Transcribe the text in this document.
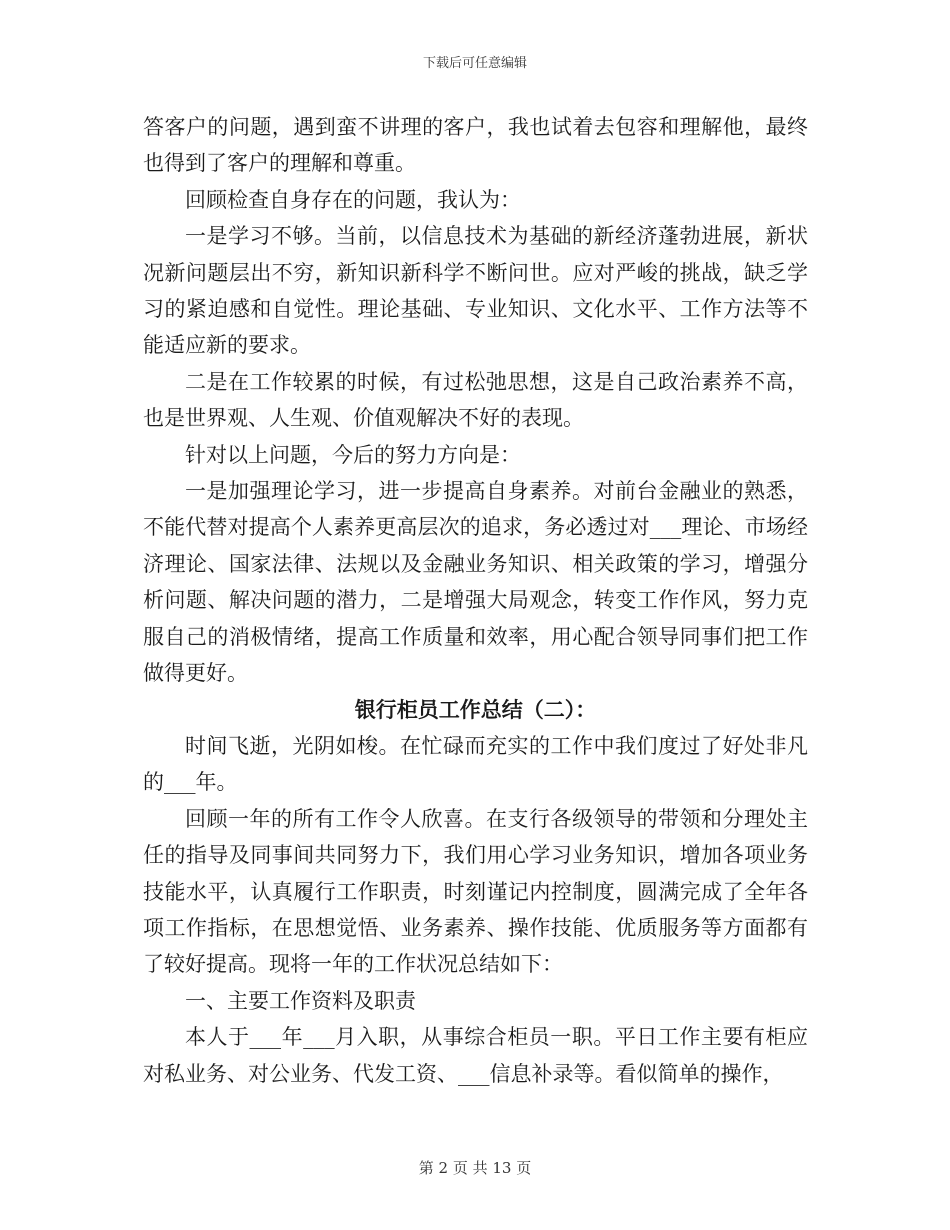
下载后可任意编辑

答客户的问题，遇到蛮不讲理的客户，我也试着去包容和理解他，最终也得到了客户的理解和尊重。

回顾检查自身存在的问题，我认为：

一是学习不够。当前，以信息技术为基础的新经济蓬勃进展，新状况新问题层出不穷，新知识新科学不断问世。应对严峻的挑战，缺乏学习的紧迫感和自觉性。理论基础、专业知识、文化水平、工作方法等不能适应新的要求。

二是在工作较累的时候，有过松弛思想，这是自己政治素养不高，也是世界观、人生观、价值观解决不好的表现。

针对以上问题，今后的努力方向是：

一是加强理论学习，进一步提高自身素养。对前台金融业的熟悉，不能代替对提高个人素养更高层次的追求，务必透过对___理论、市场经济理论、国家法律、法规以及金融业务知识、相关政策的学习，增强分析问题、解决问题的潜力，二是增强大局观念，转变工作作风，努力克服自己的消极情绪，提高工作质量和效率，用心配合领导同事们把工作做得更好。

银行柜员工作总结（二）：

时间飞逝，光阴如梭。在忙碌而充实的工作中我们度过了好处非凡的___年。

回顾一年的所有工作令人欣喜。在支行各级领导的带领和分理处主任的指导及同事间共同努力下，我们用心学习业务知识，增加各项业务技能水平，认真履行工作职责，时刻谨记内控制度，圆满完成了全年各项工作指标，在思想觉悟、业务素养、操作技能、优质服务等方面都有了较好提高。现将一年的工作状况总结如下：

一、主要工作资料及职责

本人于___年___月入职，从事综合柜员一职。平日工作主要有柜应对私业务、对公业务、代发工资、___信息补录等。看似简单的操作，

第 2 页 共 13 页
